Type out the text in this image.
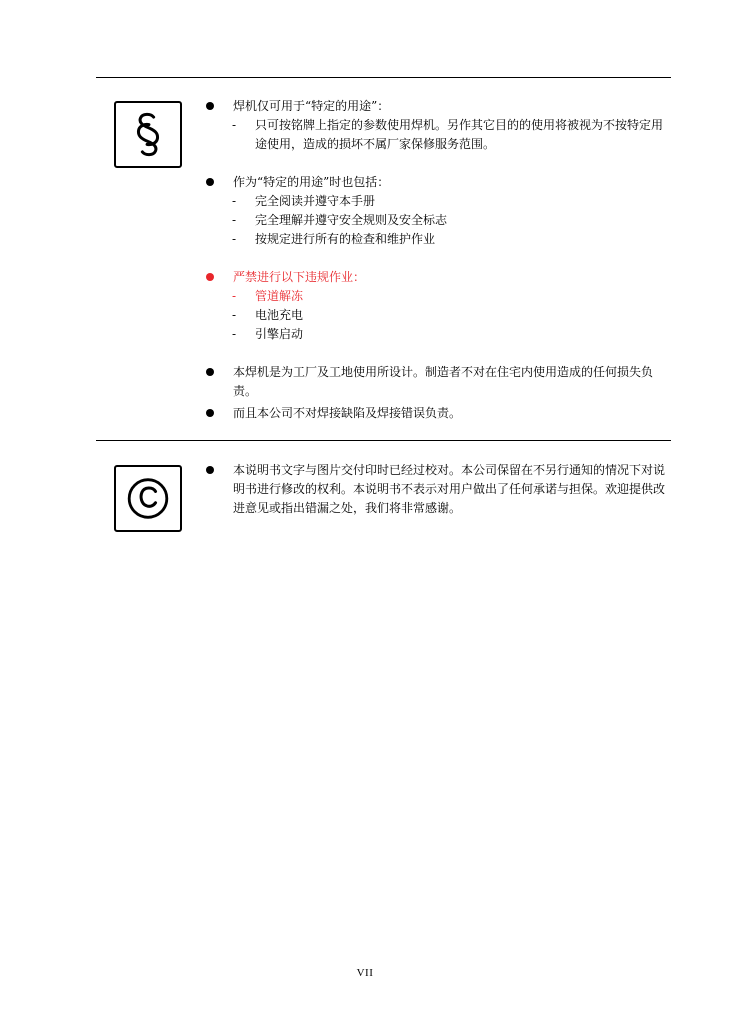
焊机仅可用于“特定的用途”：
- 只可按铭牌上指定的参数使用焊机。另作其它目的的使用将被视为不按特定用途使用，造成的损坏不属厂家保修服务范围。
作为“特定的用途”时也包括：
- 完全阅读并遵守本手册
- 完全理解并遵守安全规则及安全标志
- 按规定进行所有的检查和维护作业
严禁进行以下违规作业：
- 管道解冻
- 电池充电
- 引擎启动
本焊机是为工厂及工地使用所设计。制造者不对在住宅内使用造成的任何损失负责。
而且本公司不对焊接缺陷及焊接错误负责。
本说明书文字与图片交付印时已经过校对。本公司保留在不另行通知的情况下对说明书进行修改的权利。本说明书不表示对用户做出了任何承诺与担保。欢迎提供改进意见或指出错漏之处，我们将非常感谢。
VII
